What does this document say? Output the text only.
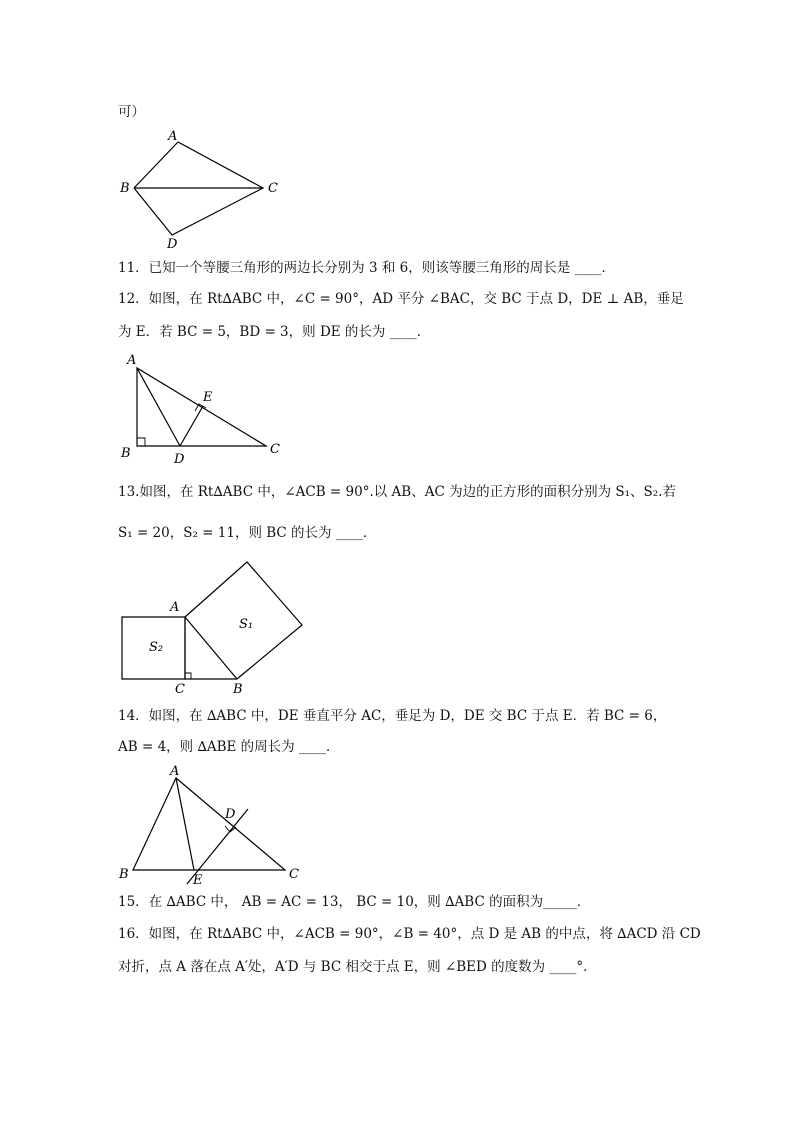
可）
A
B	C
D
11．已知一个等腰三角形的两边长分别为 3 和 6，则该等腰三角形的周长是 ____．
12．如图，在 Rt∆ABC 中，∠C = 90°，AD 平分 ∠BAC，交 BC 于点 D，DE ⊥ AB，垂足
为 E．若 BC = 5，BD = 3，则 DE 的长为 ____．
A
B	C
D
E
13.如图，在 Rt∆ABC 中，∠ACB = 90°.以 AB、AC 为边的正方形的面积分别为 S₁、S₂.若
S₁ = 20，S₂ = 11，则 BC 的长为 ____．
A
C	B
S₂
S₁
14．如图，在 ∆ABC 中，DE 垂直平分 AC，垂足为 D，DE 交 BC 于点 E．若 BC = 6，
AB = 4，则 ∆ABE 的周长为 ____．
A
B	C
D
E
15．在 ∆ABC 中， AB = AC = 13， BC = 10，则 ∆ABC 的面积为_____．
16．如图，在 Rt∆ABC 中，∠ACB = 90°，∠B = 40°，点 D 是 AB 的中点，将 ∆ACD 沿 CD
对折，点 A 落在点 A′处，A′D 与 BC 相交于点 E，则 ∠BED 的度数为 ____°．
